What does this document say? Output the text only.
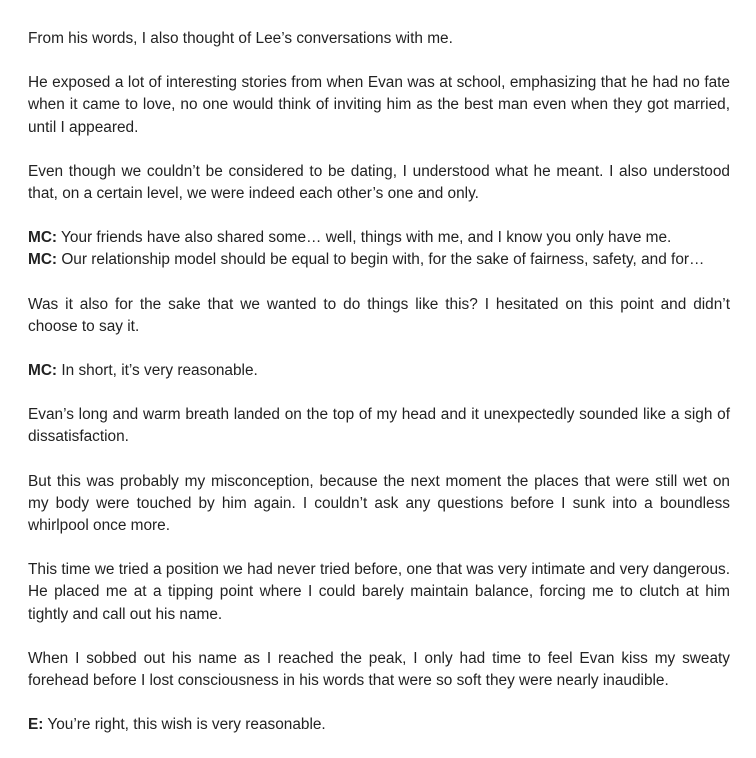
From his words, I also thought of Lee’s conversations with me.

He exposed a lot of interesting stories from when Evan was at school, emphasizing that he had no fate when it came to love, no one would think of inviting him as the best man even when they got married, until I appeared.

Even though we couldn’t be considered to be dating, I understood what he meant. I also understood that, on a certain level, we were indeed each other’s one and only.

MC: Your friends have also shared some… well, things with me, and I know you only have me.

MC: Our relationship model should be equal to begin with, for the sake of fairness, safety, and for…

Was it also for the sake that we wanted to do things like this? I hesitated on this point and didn’t choose to say it.

MC: In short, it’s very reasonable.

Evan’s long and warm breath landed on the top of my head and it unexpectedly sounded like a sigh of dissatisfaction.

But this was probably my misconception, because the next moment the places that were still wet on my body were touched by him again. I couldn’t ask any questions before I sunk into a boundless whirlpool once more.

This time we tried a position we had never tried before, one that was very intimate and very dangerous. He placed me at a tipping point where I could barely maintain balance, forcing me to clutch at him tightly and call out his name.

When I sobbed out his name as I reached the peak, I only had time to feel Evan kiss my sweaty forehead before I lost consciousness in his words that were so soft they were nearly inaudible.

E: You’re right, this wish is very reasonable.
